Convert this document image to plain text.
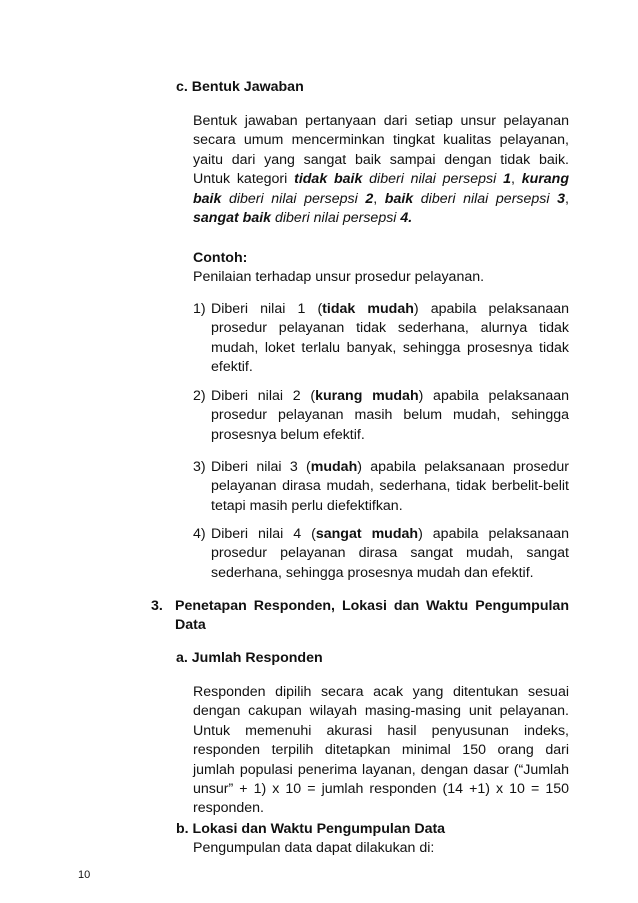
c. Bentuk Jawaban

Bentuk jawaban pertanyaan dari setiap unsur pelayanan secara umum mencerminkan tingkat kualitas pelayanan, yaitu dari yang sangat baik sampai dengan tidak baik. Untuk kategori tidak baik diberi nilai persepsi 1, kurang baik diberi nilai persepsi 2, baik diberi nilai persepsi 3, sangat baik diberi nilai persepsi 4.

Contoh:

Penilaian terhadap unsur prosedur pelayanan.

1) Diberi nilai 1 (tidak mudah) apabila pelaksanaan prosedur pelayanan tidak sederhana, alurnya tidak mudah, loket terlalu banyak, sehingga prosesnya tidak efektif.

2) Diberi nilai 2 (kurang mudah) apabila pelaksanaan prosedur pelayanan masih belum mudah, sehingga prosesnya belum efektif.

3) Diberi nilai 3 (mudah) apabila pelaksanaan prosedur pelayanan dirasa mudah, sederhana, tidak berbelit-belit tetapi masih perlu diefektifkan.

4) Diberi nilai 4 (sangat mudah) apabila pelaksanaan prosedur pelayanan dirasa sangat mudah, sangat sederhana, sehingga prosesnya mudah dan efektif.

3. Penetapan Responden, Lokasi dan Waktu Pengumpulan Data

a. Jumlah Responden

Responden dipilih secara acak yang ditentukan sesuai dengan cakupan wilayah masing-masing unit pelayanan. Untuk memenuhi akurasi hasil penyusunan indeks, responden terpilih ditetapkan minimal 150 orang dari jumlah populasi penerima layanan, dengan dasar (“Jumlah unsur” + 1) x 10 = jumlah responden (14 +1) x 10 = 150 responden.

b. Lokasi dan Waktu Pengumpulan Data

Pengumpulan data dapat dilakukan di:

10
